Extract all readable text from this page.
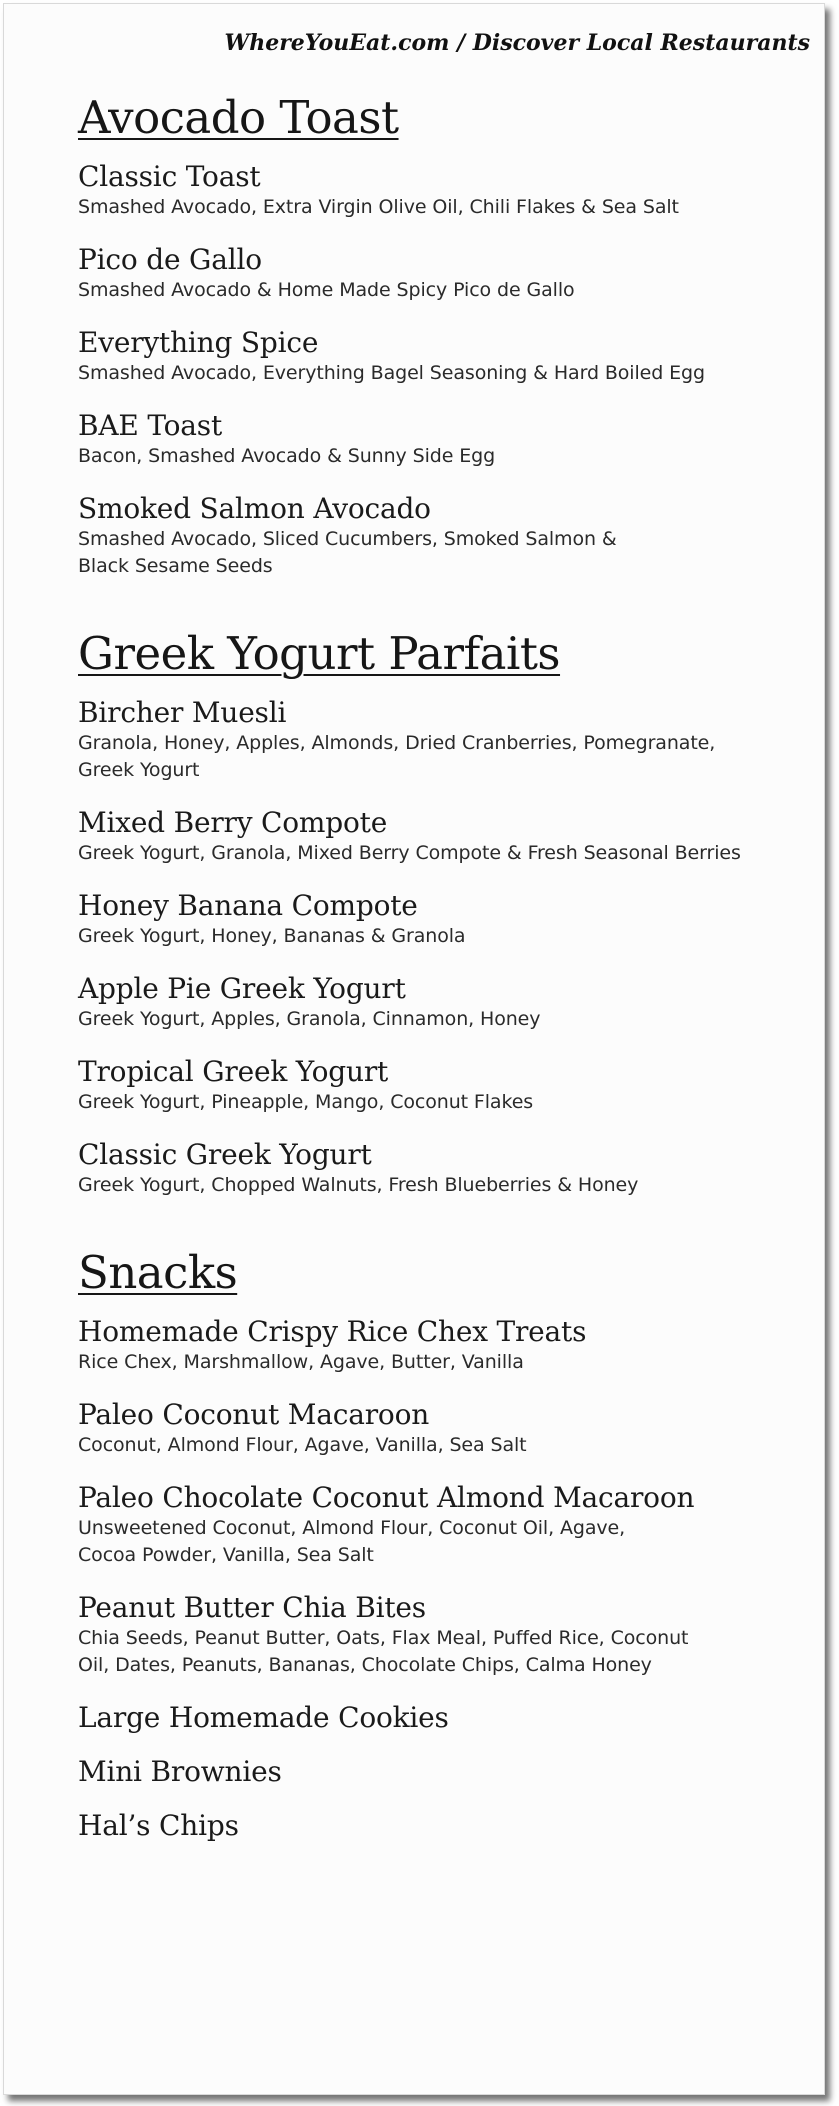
WhereYouEat.com / Discover Local Restaurants
Avocado Toast
Classic Toast
Smashed Avocado, Extra Virgin Olive Oil, Chili Flakes & Sea Salt
Pico de Gallo
Smashed Avocado & Home Made Spicy Pico de Gallo
Everything Spice
Smashed Avocado, Everything Bagel Seasoning & Hard Boiled Egg
BAE Toast
Bacon, Smashed Avocado & Sunny Side Egg
Smoked Salmon Avocado
Smashed Avocado, Sliced Cucumbers, Smoked Salmon &
Black Sesame Seeds
Greek Yogurt Parfaits
Bircher Muesli
Granola, Honey, Apples, Almonds, Dried Cranberries, Pomegranate,
Greek Yogurt
Mixed Berry Compote
Greek Yogurt, Granola, Mixed Berry Compote & Fresh Seasonal Berries
Honey Banana Compote
Greek Yogurt, Honey, Bananas & Granola
Apple Pie Greek Yogurt
Greek Yogurt, Apples, Granola, Cinnamon, Honey
Tropical Greek Yogurt
Greek Yogurt, Pineapple, Mango, Coconut Flakes
Classic Greek Yogurt
Greek Yogurt, Chopped Walnuts, Fresh Blueberries & Honey
Snacks
Homemade Crispy Rice Chex Treats
Rice Chex, Marshmallow, Agave, Butter, Vanilla
Paleo Coconut Macaroon
Coconut, Almond Flour, Agave, Vanilla, Sea Salt
Paleo Chocolate Coconut Almond Macaroon
Unsweetened Coconut, Almond Flour, Coconut Oil, Agave,
Cocoa Powder, Vanilla, Sea Salt
Peanut Butter Chia Bites
Chia Seeds, Peanut Butter, Oats, Flax Meal, Puffed Rice, Coconut
Oil, Dates, Peanuts, Bananas, Chocolate Chips, Calma Honey
Large Homemade Cookies
Mini Brownies
Hal’s Chips
